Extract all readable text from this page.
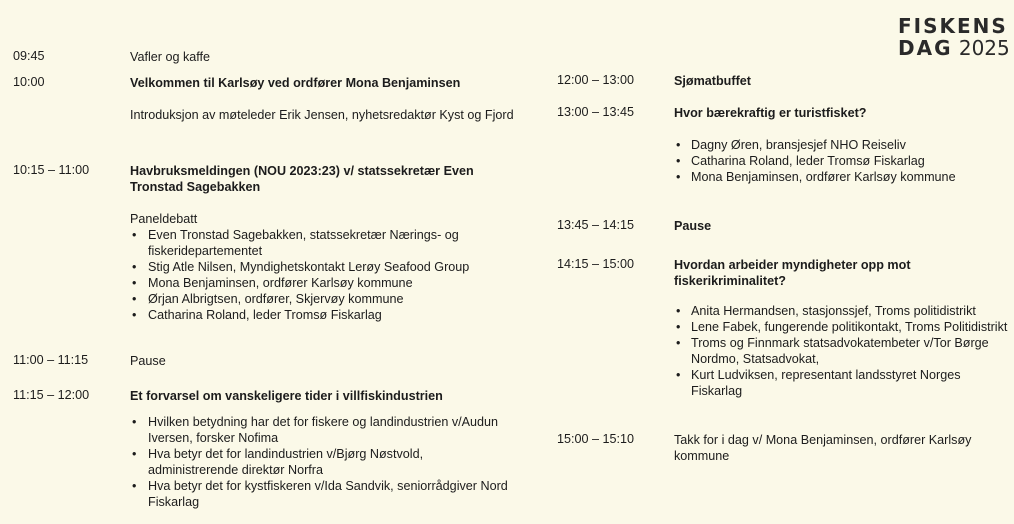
FISKENS
DAG 2025
09:45	Vafler og kaffe
10:00	Velkommen til Karlsøy ved ordfører Mona Benjaminsen
Introduksjon av møteleder Erik Jensen, nyhetsredaktør Kyst og Fjord
10:15 – 11:00	Havbruksmeldingen (NOU 2023:23) v/ statssekretær Even Tronstad Sagebakken
Paneldebatt
• Even Tronstad Sagebakken, statssekretær Nærings- og fiskeridepartementet
• Stig Atle Nilsen, Myndighetskontakt Lerøy Seafood Group
• Mona Benjaminsen, ordfører Karlsøy kommune
• Ørjan Albrigtsen, ordfører, Skjervøy kommune
• Catharina Roland, leder Tromsø Fiskarlag
11:00 – 11:15	Pause
11:15 – 12:00	Et forvarsel om vanskeligere tider i villfiskindustrien
• Hvilken betydning har det for fiskere og landindustrien v/Audun Iversen, forsker Nofima
• Hva betyr det for landindustrien v/Bjørg Nøstvold, administrerende direktør Norfra
• Hva betyr det for kystfiskeren v/Ida Sandvik, seniorrådgiver Nord Fiskarlag
12:00 – 13:00	Sjømatbuffet
13:00 – 13:45	Hvor bærekraftig er turistfisket?
• Dagny Øren, bransjesjef NHO Reiseliv
• Catharina Roland, leder Tromsø Fiskarlag
• Mona Benjaminsen, ordfører Karlsøy kommune
13:45 – 14:15	Pause
14:15 – 15:00	Hvordan arbeider myndigheter opp mot fiskerikriminalitet?
• Anita Hermandsen, stasjonssjef, Troms politidistrikt
• Lene Fabek, fungerende politikontakt, Troms Politidistrikt
• Troms og Finnmark statsadvokatembeter v/Tor Børge Nordmo, Statsadvokat,
• Kurt Ludviksen, representant landsstyret Norges Fiskarlag
15:00 – 15:10	Takk for i dag v/ Mona Benjaminsen, ordfører Karlsøy kommune
